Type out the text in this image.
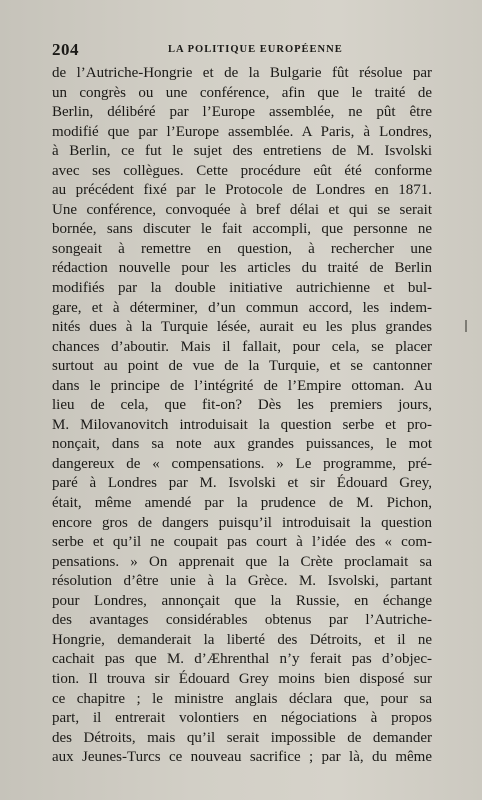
204	LA POLITIQUE EUROPÉENNE
de l’Autriche-Hongrie et de la Bulgarie fût résolue par
un congrès ou une conférence, afin que le traité de
Berlin, délibéré par l’Europe assemblée, ne pût être
modifié que par l’Europe assemblée. A Paris, à Londres,
à Berlin, ce fut le sujet des entretiens de M. Isvolski
avec ses collègues. Cette procédure eût été conforme
au précédent fixé par le Protocole de Londres en 1871.
Une conférence, convoquée à bref délai et qui se serait
bornée, sans discuter le fait accompli, que personne ne
songeait à remettre en question, à rechercher une
rédaction nouvelle pour les articles du traité de Berlin
modifiés par la double initiative autrichienne et bul-
gare, et à déterminer, d’un commun accord, les indem-
nités dues à la Turquie lésée, aurait eu les plus grandes
chances d’aboutir. Mais il fallait, pour cela, se placer
surtout au point de vue de la Turquie, et se cantonner
dans le principe de l’intégrité de l’Empire ottoman. Au
lieu de cela, que fit-on? Dès les premiers jours,
M. Milovanovitch introduisait la question serbe et pro-
nonçait, dans sa note aux grandes puissances, le mot
dangereux de « compensations. » Le programme, pré-
paré à Londres par M. Isvolski et sir Édouard Grey,
était, même amendé par la prudence de M. Pichon,
encore gros de dangers puisqu’il introduisait la question
serbe et qu’il ne coupait pas court à l’idée des « com-
pensations. » On apprenait que la Crète proclamait sa
résolution d’être unie à la Grèce. M. Isvolski, partant
pour Londres, annonçait que la Russie, en échange
des avantages considérables obtenus par l’Autriche-
Hongrie, demanderait la liberté des Détroits, et il ne
cachait pas que M. d’Æhrenthal n’y ferait pas d’objec-
tion. Il trouva sir Édouard Grey moins bien disposé sur
ce chapitre ; le ministre anglais déclara que, pour sa
part, il entrerait volontiers en négociations à propos
des Détroits, mais qu’il serait impossible de demander
aux Jeunes-Turcs ce nouveau sacrifice ; par là, du même
